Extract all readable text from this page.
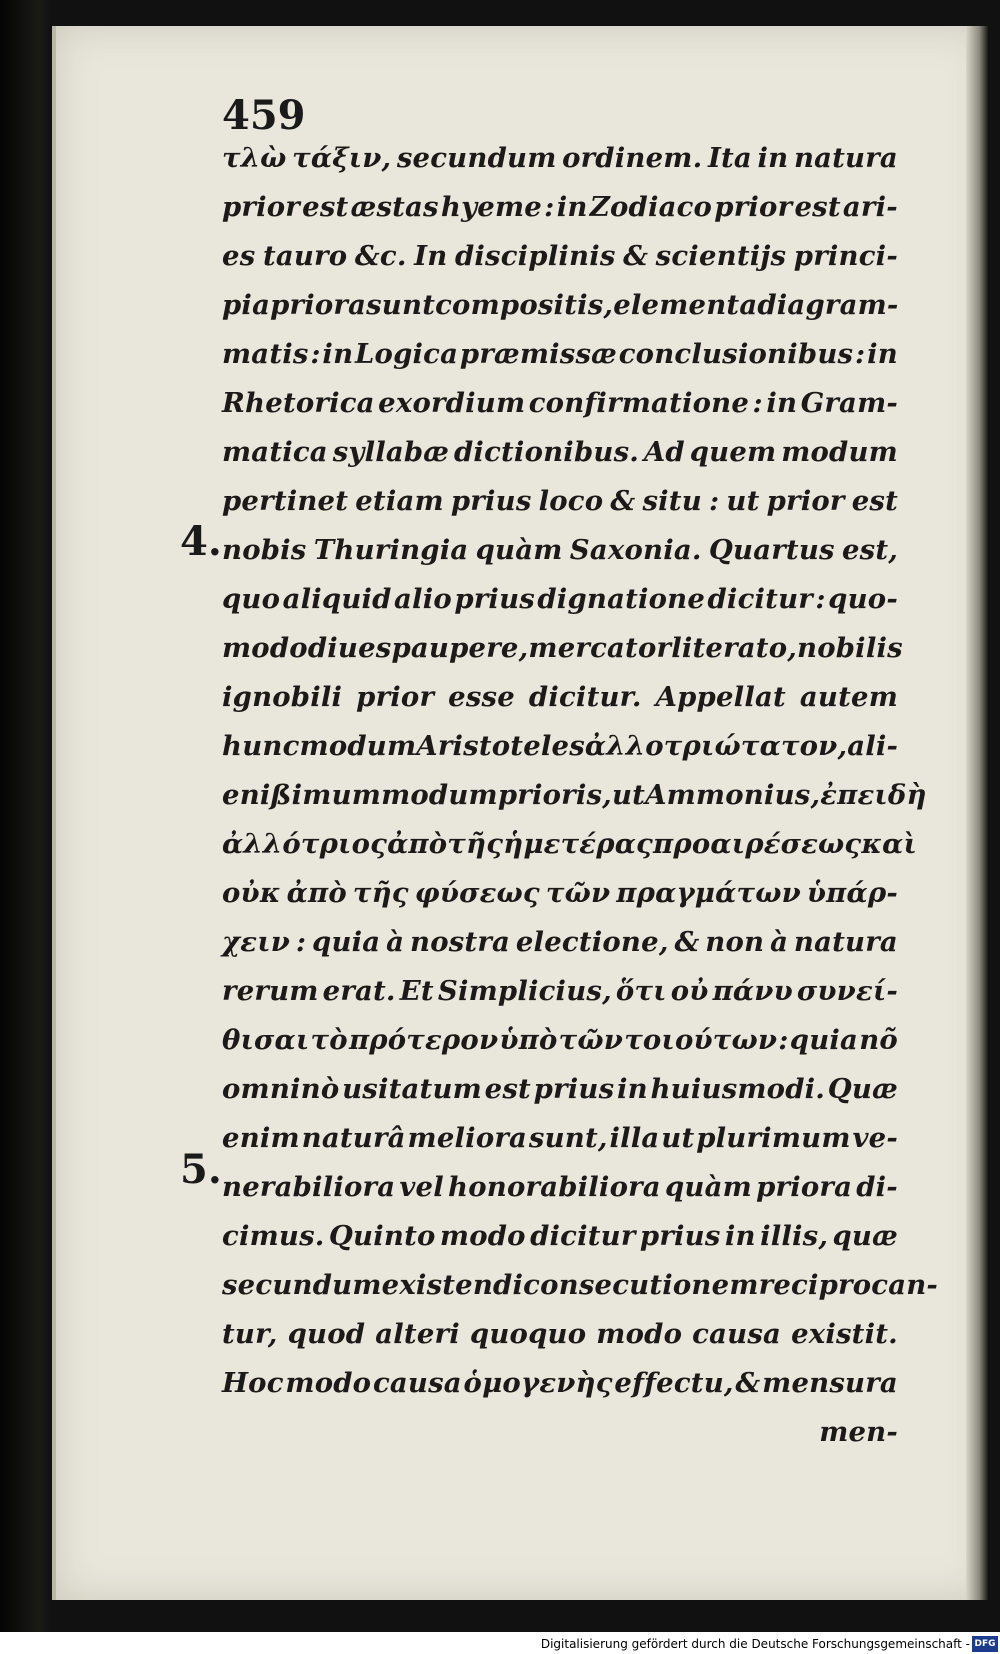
459
4.
5.
τλὼ τάξιν, secundum ordinem. Ita in natura
prior est æstas hyeme : in Zodiaco prior est ari-
es tauro &c. In disciplinis & scientijs princi-
pia priora sunt compositis, elementa diagram-
matis : in Logica præmissæ conclusionibus : in
Rhetorica exordium confirmatione : in Gram-
matica syllabæ dictionibus. Ad quem modum
pertinet etiam prius loco & situ : ut prior est
nobis Thuringia quàm Saxonia. Quartus est,
quo aliquid alio prius dignatione dicitur : quo-
modo diues paupere, mercator literato, nobilis
ignobili prior esse dicitur. Appellat autem
hunc modum Aristoteles ἀλλοτριώτατον, ali-
enißimum modum prioris, ut Ammonius, ἐπειδὴ
ἀλλότριος ἀπὸ τῆς ἡμετέρας προαιρέσεως καὶ
οὐκ ἀπὸ τῆς φύσεως τῶν πραγμάτων ὑπάρ-
χειν : quia à nostra electione, & non à natura
rerum erat. Et Simplicius, ὅτι οὐ πάνυ συνεί-
θισαι τὸ πρότερον ὑπὸ τῶν τοιούτων : quia nõ
omninò usitatum est prius in huiusmodi. Quæ
enim naturâ meliora sunt, illa ut plurimum ve-
nerabiliora vel honorabiliora quàm priora di-
cimus. Quinto modo dicitur prius in illis, quæ
secundum existendi consecutionem reciprocan-
tur, quod alteri quoquo modo causa existit.
Hoc modo causa ὁμογενὴς effectu, & mensura
men-
Digitalisierung gefördert durch die Deutsche Forschungsgemeinschaft - DFG
